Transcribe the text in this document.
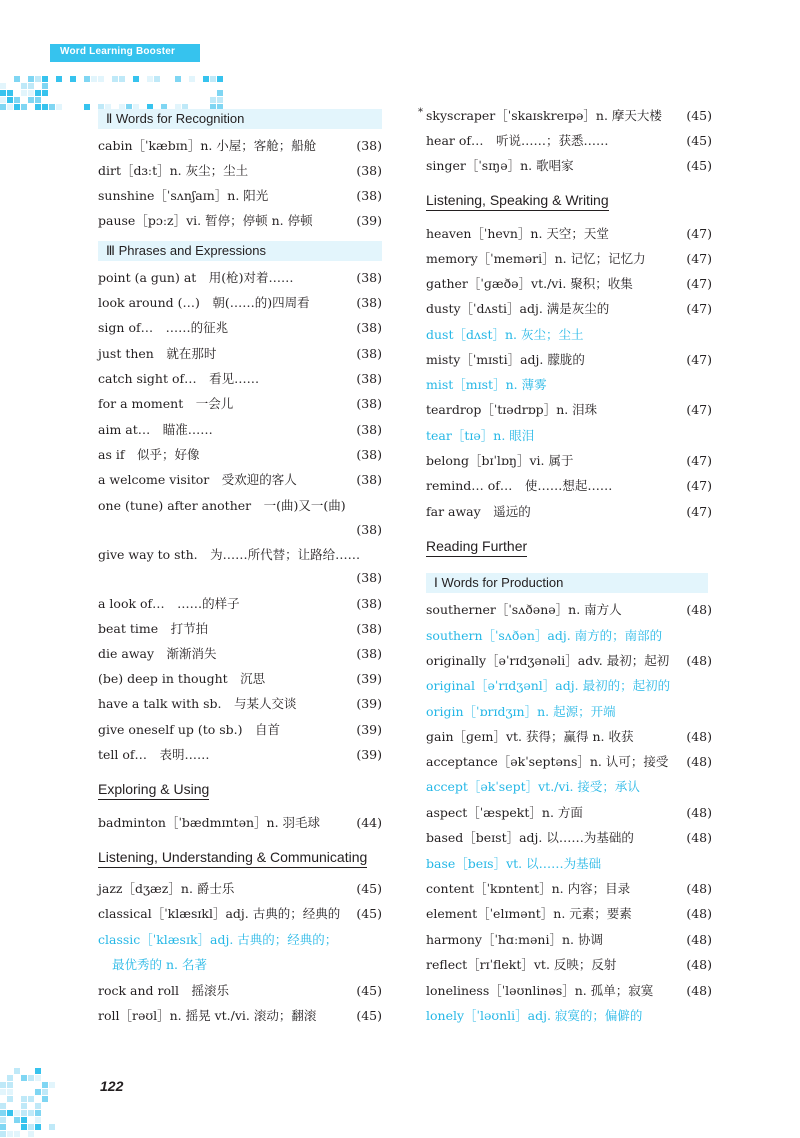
Word Learning Booster
Ⅱ Words for Recognition
cabin［ˈkæbɪn］n. 小屋；客舱；船舱	(38)
dirt［dɜːt］n. 灰尘；尘土	(38)
sunshine［ˈsʌnʃaɪn］n. 阳光	(38)
pause［pɔːz］vi. 暂停；停顿 n. 停顿	(39)
Ⅲ Phrases and Expressions
point (a gun) at　用(枪)对着……	(38)
look around (…)　朝(……的)四周看	(38)
sign of…　……的征兆	(38)
just then　就在那时	(38)
catch sight of…　看见……	(38)
for a moment　一会儿	(38)
aim at…　瞄准……	(38)
as if　似乎；好像	(38)
a welcome visitor　受欢迎的客人	(38)
one (tune) after another　一(曲)又一(曲)
(38)
give way to sth.　为……所代替；让路给……
(38)
a look of…　……的样子	(38)
beat time　打节拍	(38)
die away　渐渐消失	(38)
(be) deep in thought　沉思	(39)
have a talk with sb.　与某人交谈	(39)
give oneself up (to sb.)　自首	(39)
tell of…　表明……	(39)
Exploring & Using
badminton［ˈbædmɪntən］n. 羽毛球	(44)
Listening, Understanding & Communicating
jazz［dʒæz］n. 爵士乐	(45)
classical［ˈklæsɪkl］adj. 古典的；经典的 (45)
classic［ˈklæsɪk］adj. 古典的；经典的；
最优秀的 n. 名著
rock and roll　摇滚乐	(45)
roll［rəʊl］n. 摇晃 vt./vi. 滚动；翻滚	(45)
* skyscraper［ˈskaɪskreɪpə］n. 摩天大楼 (45)
hear of…　听说……；获悉……	(45)
singer［ˈsɪŋə］n. 歌唱家	(45)
Listening, Speaking & Writing
heaven［ˈhevn］n. 天空；天堂	(47)
memory［ˈmeməri］n. 记忆；记忆力	(47)
gather［ˈɡæðə］vt./vi. 聚积；收集	(47)
dusty［ˈdʌsti］adj. 满是灰尘的	(47)
dust［dʌst］n. 灰尘；尘土
misty［ˈmɪsti］adj. 朦胧的	(47)
mist［mɪst］n. 薄雾
teardrop［ˈtɪədrɒp］n. 泪珠	(47)
tear［tɪə］n. 眼泪
belong［bɪˈlɒŋ］vi. 属于	(47)
remind… of…　使……想起……	(47)
far away　遥远的	(47)
Reading Further
Ⅰ Words for Production
southerner［ˈsʌðənə］n. 南方人	(48)
southern［ˈsʌðən］adj. 南方的；南部的
originally［əˈrɪdʒənəli］adv. 最初；起初 (48)
original［əˈrɪdʒənl］adj. 最初的；起初的
origin［ˈɒrɪdʒɪn］n. 起源；开端
gain［ɡeɪn］vt. 获得；赢得 n. 收获	(48)
acceptance［əkˈseptəns］n. 认可；接受 (48)
accept［əkˈsept］vt./vi. 接受；承认
aspect［ˈæspekt］n. 方面	(48)
based［beɪst］adj. 以……为基础的	(48)
base［beɪs］vt. 以……为基础
content［ˈkɒntent］n. 内容；目录	(48)
element［ˈelɪmənt］n. 元素；要素	(48)
harmony［ˈhɑːməni］n. 协调	(48)
reflect［rɪˈflekt］vt. 反映；反射	(48)
loneliness［ˈləʊnlinəs］n. 孤单；寂寞	(48)
lonely［ˈləʊnli］adj. 寂寞的；偏僻的
122
